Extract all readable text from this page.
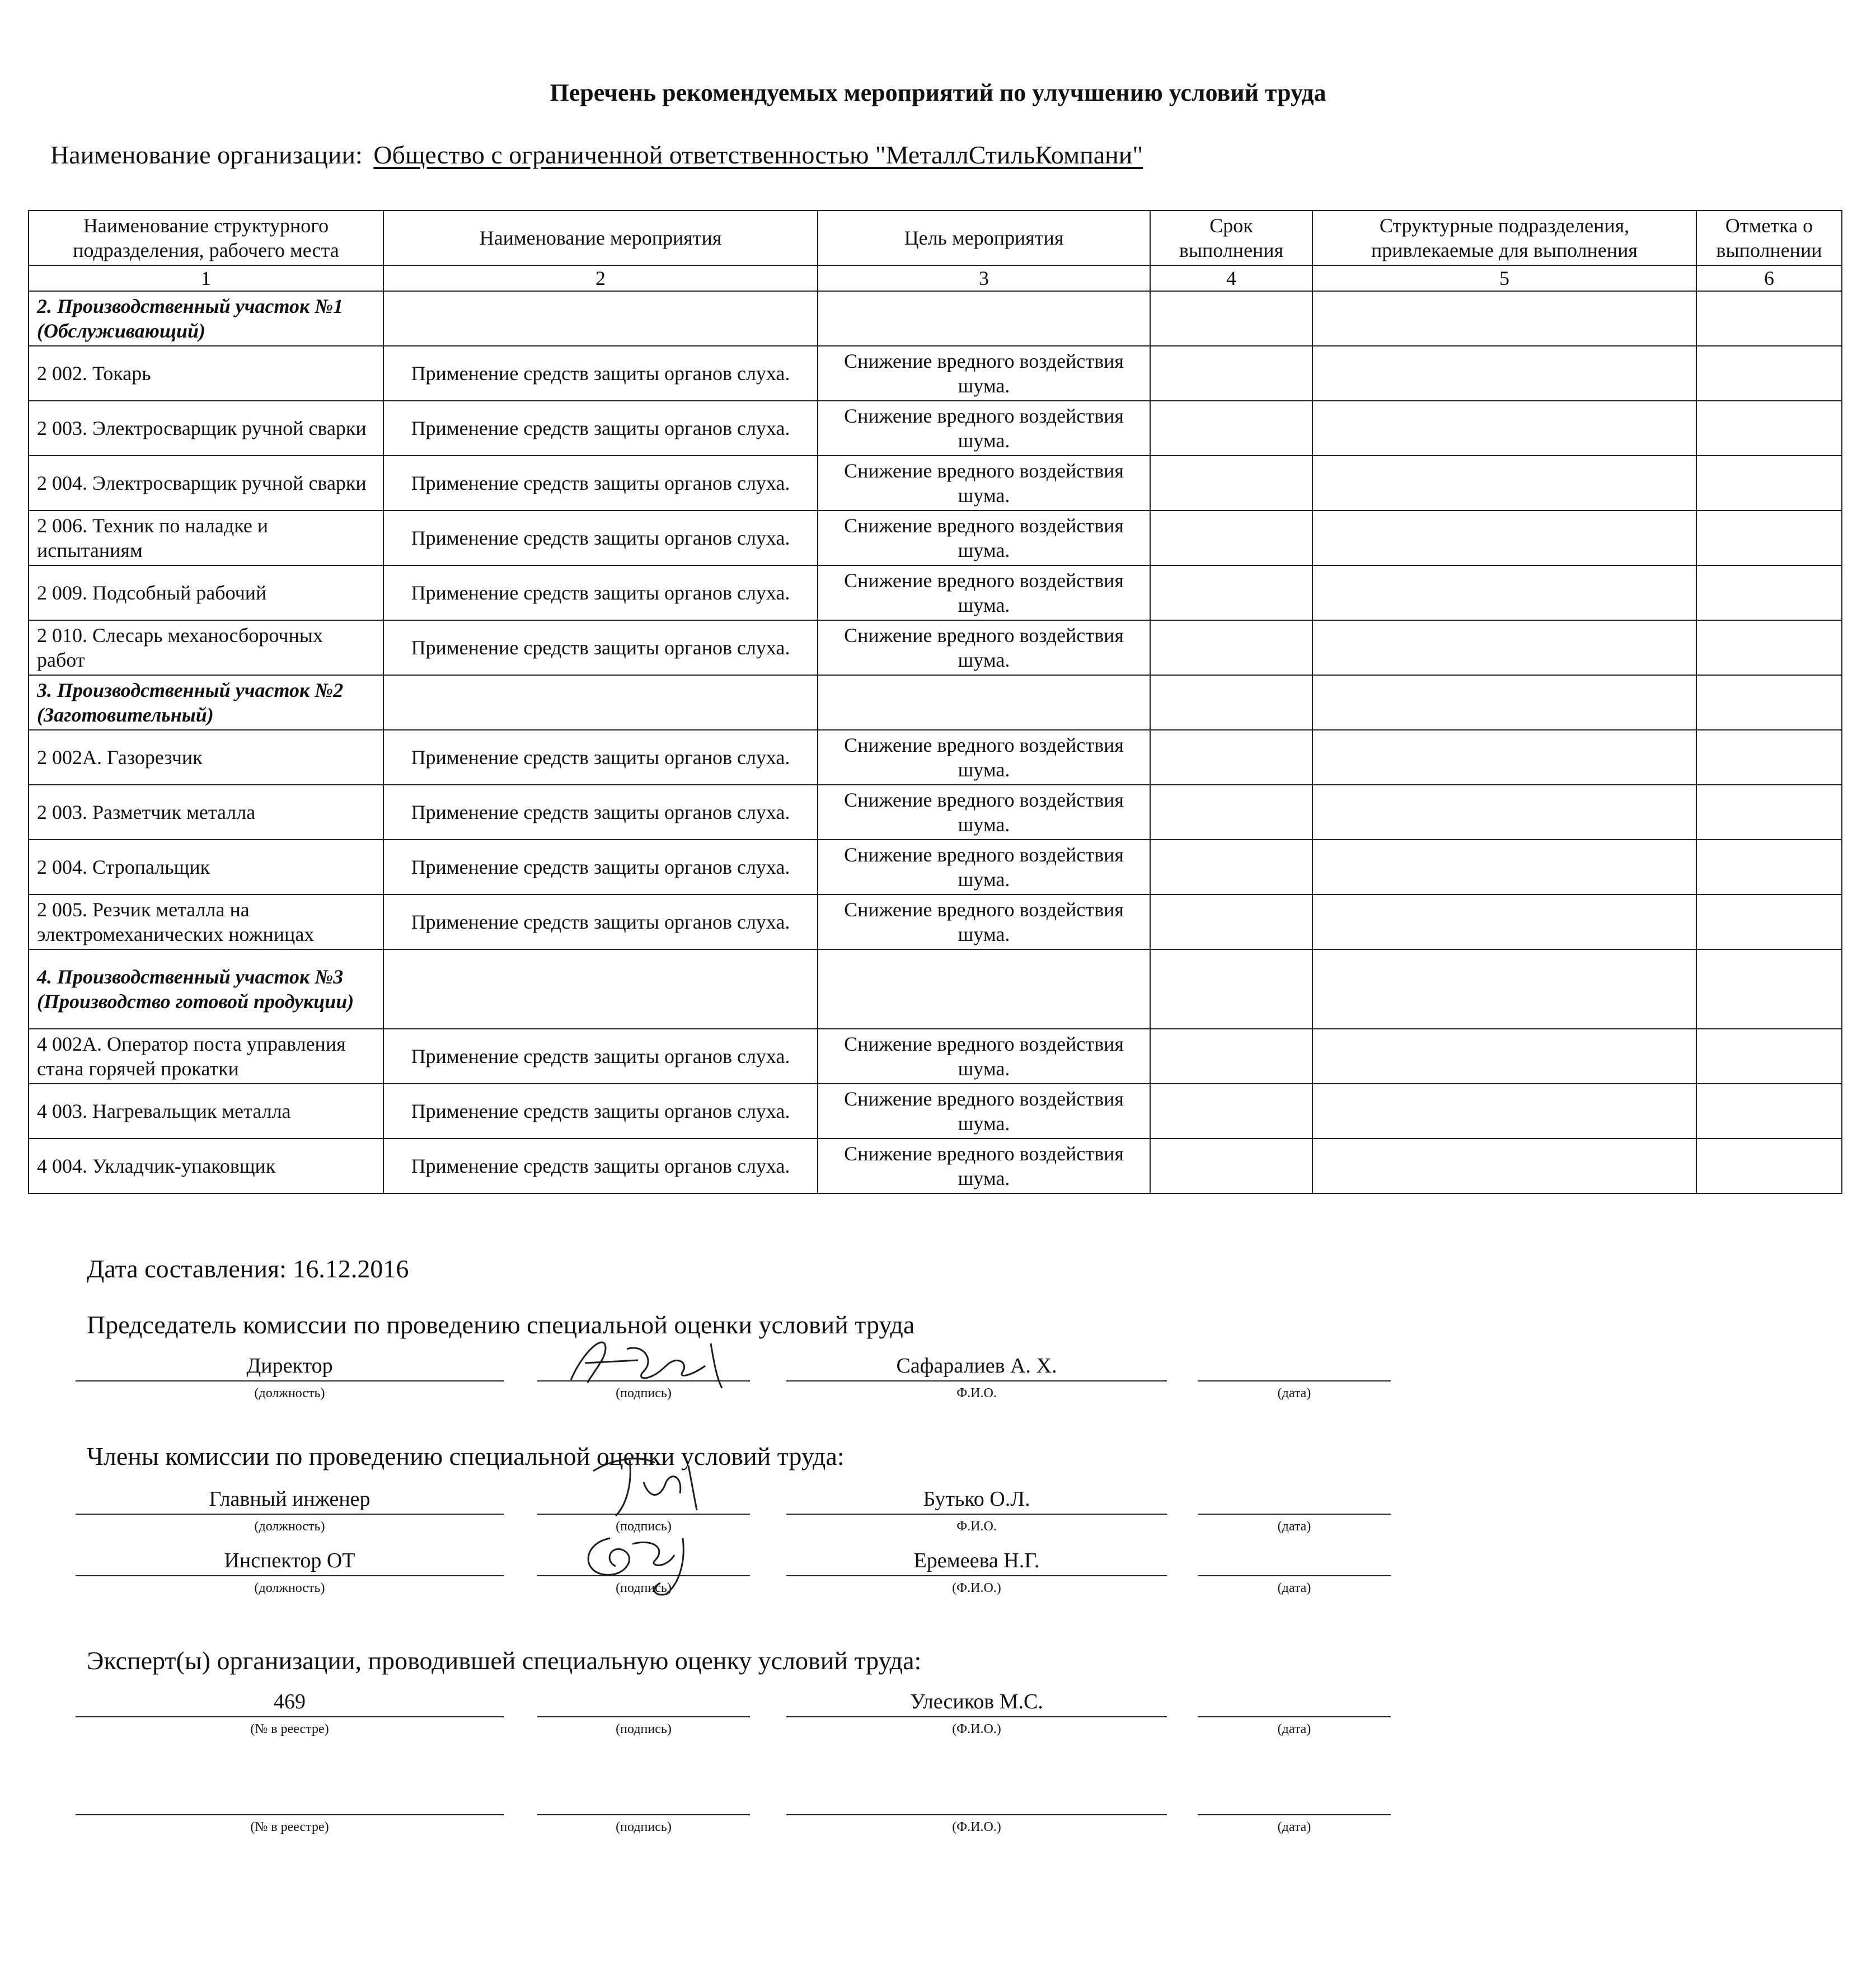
Перечень рекомендуемых мероприятий по улучшению условий труда
Наименование организации: Общество с ограниченной ответственностью "МеталлСтильКомпани"
Наименование структурного подразделения, рабочего места	Наименование мероприятия	Цель мероприятия	Срок выполнения	Структурные подразделения, привлекаемые для выполнения	Отметка о выполнении
1	2	3	4	5	6
2. Производственный участок №1 (Обслуживающий)					
2 002. Токарь	Применение средств защиты органов слуха.	Снижение вредного воздействия шума.			
2 003. Электросварщик ручной сварки	Применение средств защиты органов слуха.	Снижение вредного воздействия шума.			
2 004. Электросварщик ручной сварки	Применение средств защиты органов слуха.	Снижение вредного воздействия шума.			
2 006. Техник по наладке и испытаниям	Применение средств защиты органов слуха.	Снижение вредного воздействия шума.			
2 009. Подсобный рабочий	Применение средств защиты органов слуха.	Снижение вредного воздействия шума.			
2 010. Слесарь механосборочных работ	Применение средств защиты органов слуха.	Снижение вредного воздействия шума.			
3. Производственный участок №2 (Заготовительный)					
2 002А. Газорезчик	Применение средств защиты органов слуха.	Снижение вредного воздействия шума.			
2 003. Разметчик металла	Применение средств защиты органов слуха.	Снижение вредного воздействия шума.			
2 004. Стропальщик	Применение средств защиты органов слуха.	Снижение вредного воздействия шума.			
2 005. Резчик металла на электромеханических ножницах	Применение средств защиты органов слуха.	Снижение вредного воздействия шума.			
4. Производственный участок №3 (Производство готовой продукции)					
4 002А. Оператор поста управления стана горячей прокатки	Применение средств защиты органов слуха.	Снижение вредного воздействия шума.			
4 003. Нагревальщик металла	Применение средств защиты органов слуха.	Снижение вредного воздействия шума.			
4 004. Укладчик-упаковщик	Применение средств защиты органов слуха.	Снижение вредного воздействия шума.			
Дата составления: 16.12.2016
Председатель комиссии по проведению специальной оценки условий труда
Директор	Сафаралиев А. Х.
(должность)	(подпись)	Ф.И.О.	(дата)
Члены комиссии по проведению специальной оценки условий труда:
Главный инженер	Бутько О.Л.
(должность)	(подпись)	Ф.И.О.	(дата)
Инспектор ОТ	Еремеева Н.Г.
(должность)	(подпись)	(Ф.И.О.)	(дата)
Эксперт(ы) организации, проводившей специальную оценку условий труда:
469	Улесиков М.С.
(№ в реестре)	(подпись)	(Ф.И.О.)	(дата)
(№ в реестре)	(подпись)	(Ф.И.О.)	(дата)
